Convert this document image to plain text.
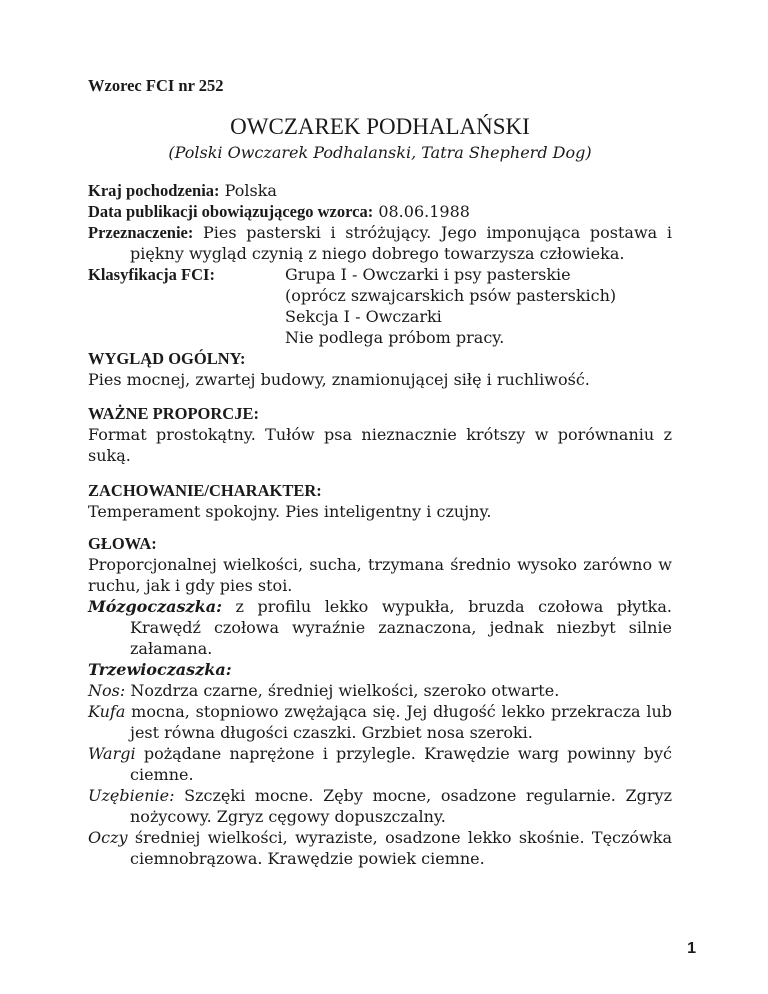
Wzorec FCI nr 252
OWCZAREK PODHALAŃSKI
(Polski Owczarek Podhalanski, Tatra Shepherd Dog)
Kraj pochodzenia: Polska
Data publikacji obowiązującego wzorca: 08.06.1988
Przeznaczenie: Pies pasterski i stróżujący. Jego imponująca postawa i piękny wygląd czynią z niego dobrego towarzysza człowieka.
Klasyfikacja FCI:	Grupa I - Owczarki i psy pasterskie
(oprócz szwajcarskich psów pasterskich)
Sekcja I - Owczarki
Nie podlega próbom pracy.
WYGLĄD OGÓLNY:
Pies mocnej, zwartej budowy, znamionującej siłę i ruchliwość.
WAŻNE PROPORCJE:
Format prostokątny. Tułów psa nieznacznie krótszy w porównaniu z suką.
ZACHOWANIE/CHARAKTER:
Temperament spokojny. Pies inteligentny i czujny.
GŁOWA:
Proporcjonalnej wielkości, sucha, trzymana średnio wysoko zarówno w ruchu, jak i gdy pies stoi.
Mózgoczaszka: z profilu lekko wypukła, bruzda czołowa płytka. Krawędź czołowa wyraźnie zaznaczona, jednak niezbyt silnie załamana.
Trzewioczaszka:
Nos: Nozdrza czarne, średniej wielkości, szeroko otwarte.
Kufa mocna, stopniowo zwężająca się. Jej długość lekko przekracza lub jest równa długości czaszki. Grzbiet nosa szeroki.
Wargi pożądane naprężone i przylegle. Krawędzie warg powinny być ciemne.
Uzębienie: Szczęki mocne. Zęby mocne, osadzone regularnie. Zgryz nożycowy. Zgryz cęgowy dopuszczalny.
Oczy średniej wielkości, wyraziste, osadzone lekko skośnie. Tęczówka ciemnobrązowa. Krawędzie powiek ciemne.
1
